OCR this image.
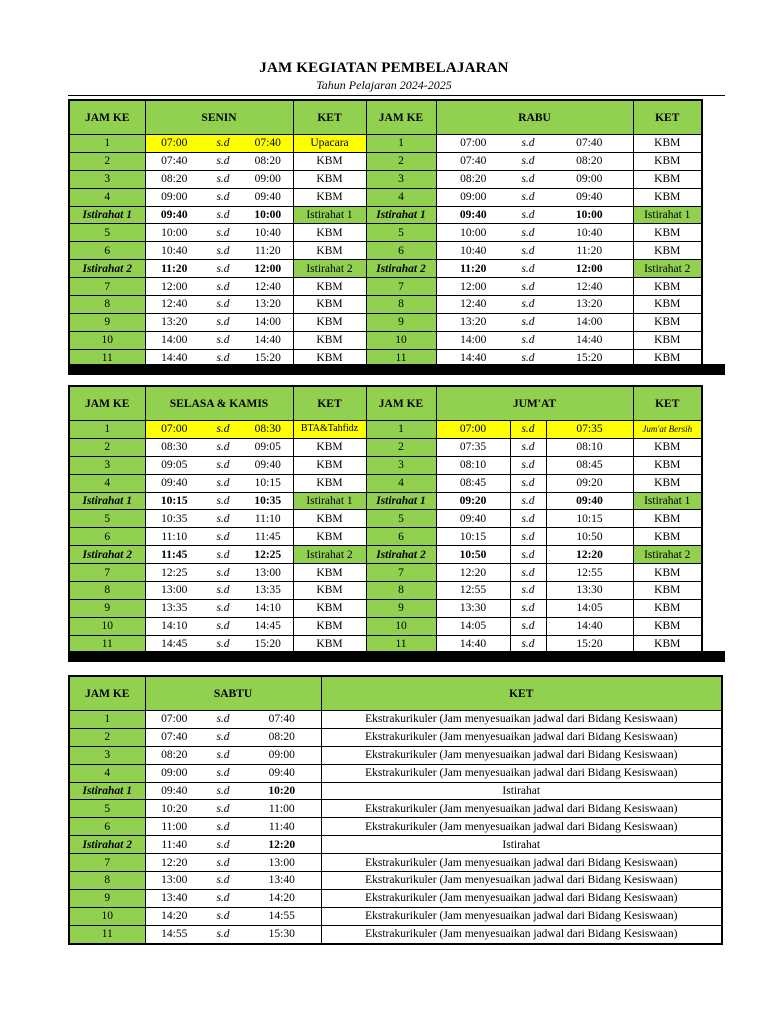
JAM KEGIATAN PEMBELAJARAN
Tahun Pelajaran 2024-2025
JAM KE	SENIN			KET	JAM KE	RABU			KET
1	07:00	s.d	07:40	Upacara	1	07:00	s.d	07:40	KBM
2	07:40	s.d	08:20	KBM	2	07:40	s.d	08:20	KBM
3	08:20	s.d	09:00	KBM	3	08:20	s.d	09:00	KBM
4	09:00	s.d	09:40	KBM	4	09:00	s.d	09:40	KBM
Istirahat 1	09:40	s.d	10:00	Istirahat 1	Istirahat 1	09:40	s.d	10:00	Istirahat 1
5	10:00	s.d	10:40	KBM	5	10:00	s.d	10:40	KBM
6	10:40	s.d	11:20	KBM	6	10:40	s.d	11:20	KBM
Istirahat 2	11:20	s.d	12:00	Istirahat 2	Istirahat 2	11:20	s.d	12:00	Istirahat 2
7	12:00	s.d	12:40	KBM	7	12:00	s.d	12:40	KBM
8	12:40	s.d	13:20	KBM	8	12:40	s.d	13:20	KBM
9	13:20	s.d	14:00	KBM	9	13:20	s.d	14:00	KBM
10	14:00	s.d	14:40	KBM	10	14:00	s.d	14:40	KBM
11	14:40	s.d	15:20	KBM	11	14:40	s.d	15:20	KBM
JAM KE	SELASA & KAMIS			KET	JAM KE	JUM'AT			KET
1	07:00	s.d	08:30	BTA&Tahfidz	1	07:00	s.d	07:35	Jum'at Bersih
2	08:30	s.d	09:05	KBM	2	07:35	s.d	08:10	KBM
3	09:05	s.d	09:40	KBM	3	08:10	s.d	08:45	KBM
4	09:40	s.d	10:15	KBM	4	08:45	s.d	09:20	KBM
Istirahat 1	10:15	s.d	10:35	Istirahat 1	Istirahat 1	09:20	s.d	09:40	Istirahat 1
5	10:35	s.d	11:10	KBM	5	09:40	s.d	10:15	KBM
6	11:10	s.d	11:45	KBM	6	10:15	s.d	10:50	KBM
Istirahat 2	11:45	s.d	12:25	Istirahat 2	Istirahat 2	10:50	s.d	12:20	Istirahat 2
7	12:25	s.d	13:00	KBM	7	12:20	s.d	12:55	KBM
8	13:00	s.d	13:35	KBM	8	12:55	s.d	13:30	KBM
9	13:35	s.d	14:10	KBM	9	13:30	s.d	14:05	KBM
10	14:10	s.d	14:45	KBM	10	14:05	s.d	14:40	KBM
11	14:45	s.d	15:20	KBM	11	14:40	s.d	15:20	KBM
JAM KE	SABTU			KET
1	07:00	s.d	07:40	Ekstrakurikuler (Jam menyesuaikan jadwal dari Bidang Kesiswaan)
2	07:40	s.d	08:20	Ekstrakurikuler (Jam menyesuaikan jadwal dari Bidang Kesiswaan)
3	08:20	s.d	09:00	Ekstrakurikuler (Jam menyesuaikan jadwal dari Bidang Kesiswaan)
4	09:00	s.d	09:40	Ekstrakurikuler (Jam menyesuaikan jadwal dari Bidang Kesiswaan)
Istirahat 1	09:40	s.d	10:20	Istirahat
5	10:20	s.d	11:00	Ekstrakurikuler (Jam menyesuaikan jadwal dari Bidang Kesiswaan)
6	11:00	s.d	11:40	Ekstrakurikuler (Jam menyesuaikan jadwal dari Bidang Kesiswaan)
Istirahat 2	11:40	s.d	12:20	Istirahat
7	12:20	s.d	13:00	Ekstrakurikuler (Jam menyesuaikan jadwal dari Bidang Kesiswaan)
8	13:00	s.d	13:40	Ekstrakurikuler (Jam menyesuaikan jadwal dari Bidang Kesiswaan)
9	13:40	s.d	14:20	Ekstrakurikuler (Jam menyesuaikan jadwal dari Bidang Kesiswaan)
10	14:20	s.d	14:55	Ekstrakurikuler (Jam menyesuaikan jadwal dari Bidang Kesiswaan)
11	14:55	s.d	15:30	Ekstrakurikuler (Jam menyesuaikan jadwal dari Bidang Kesiswaan)
